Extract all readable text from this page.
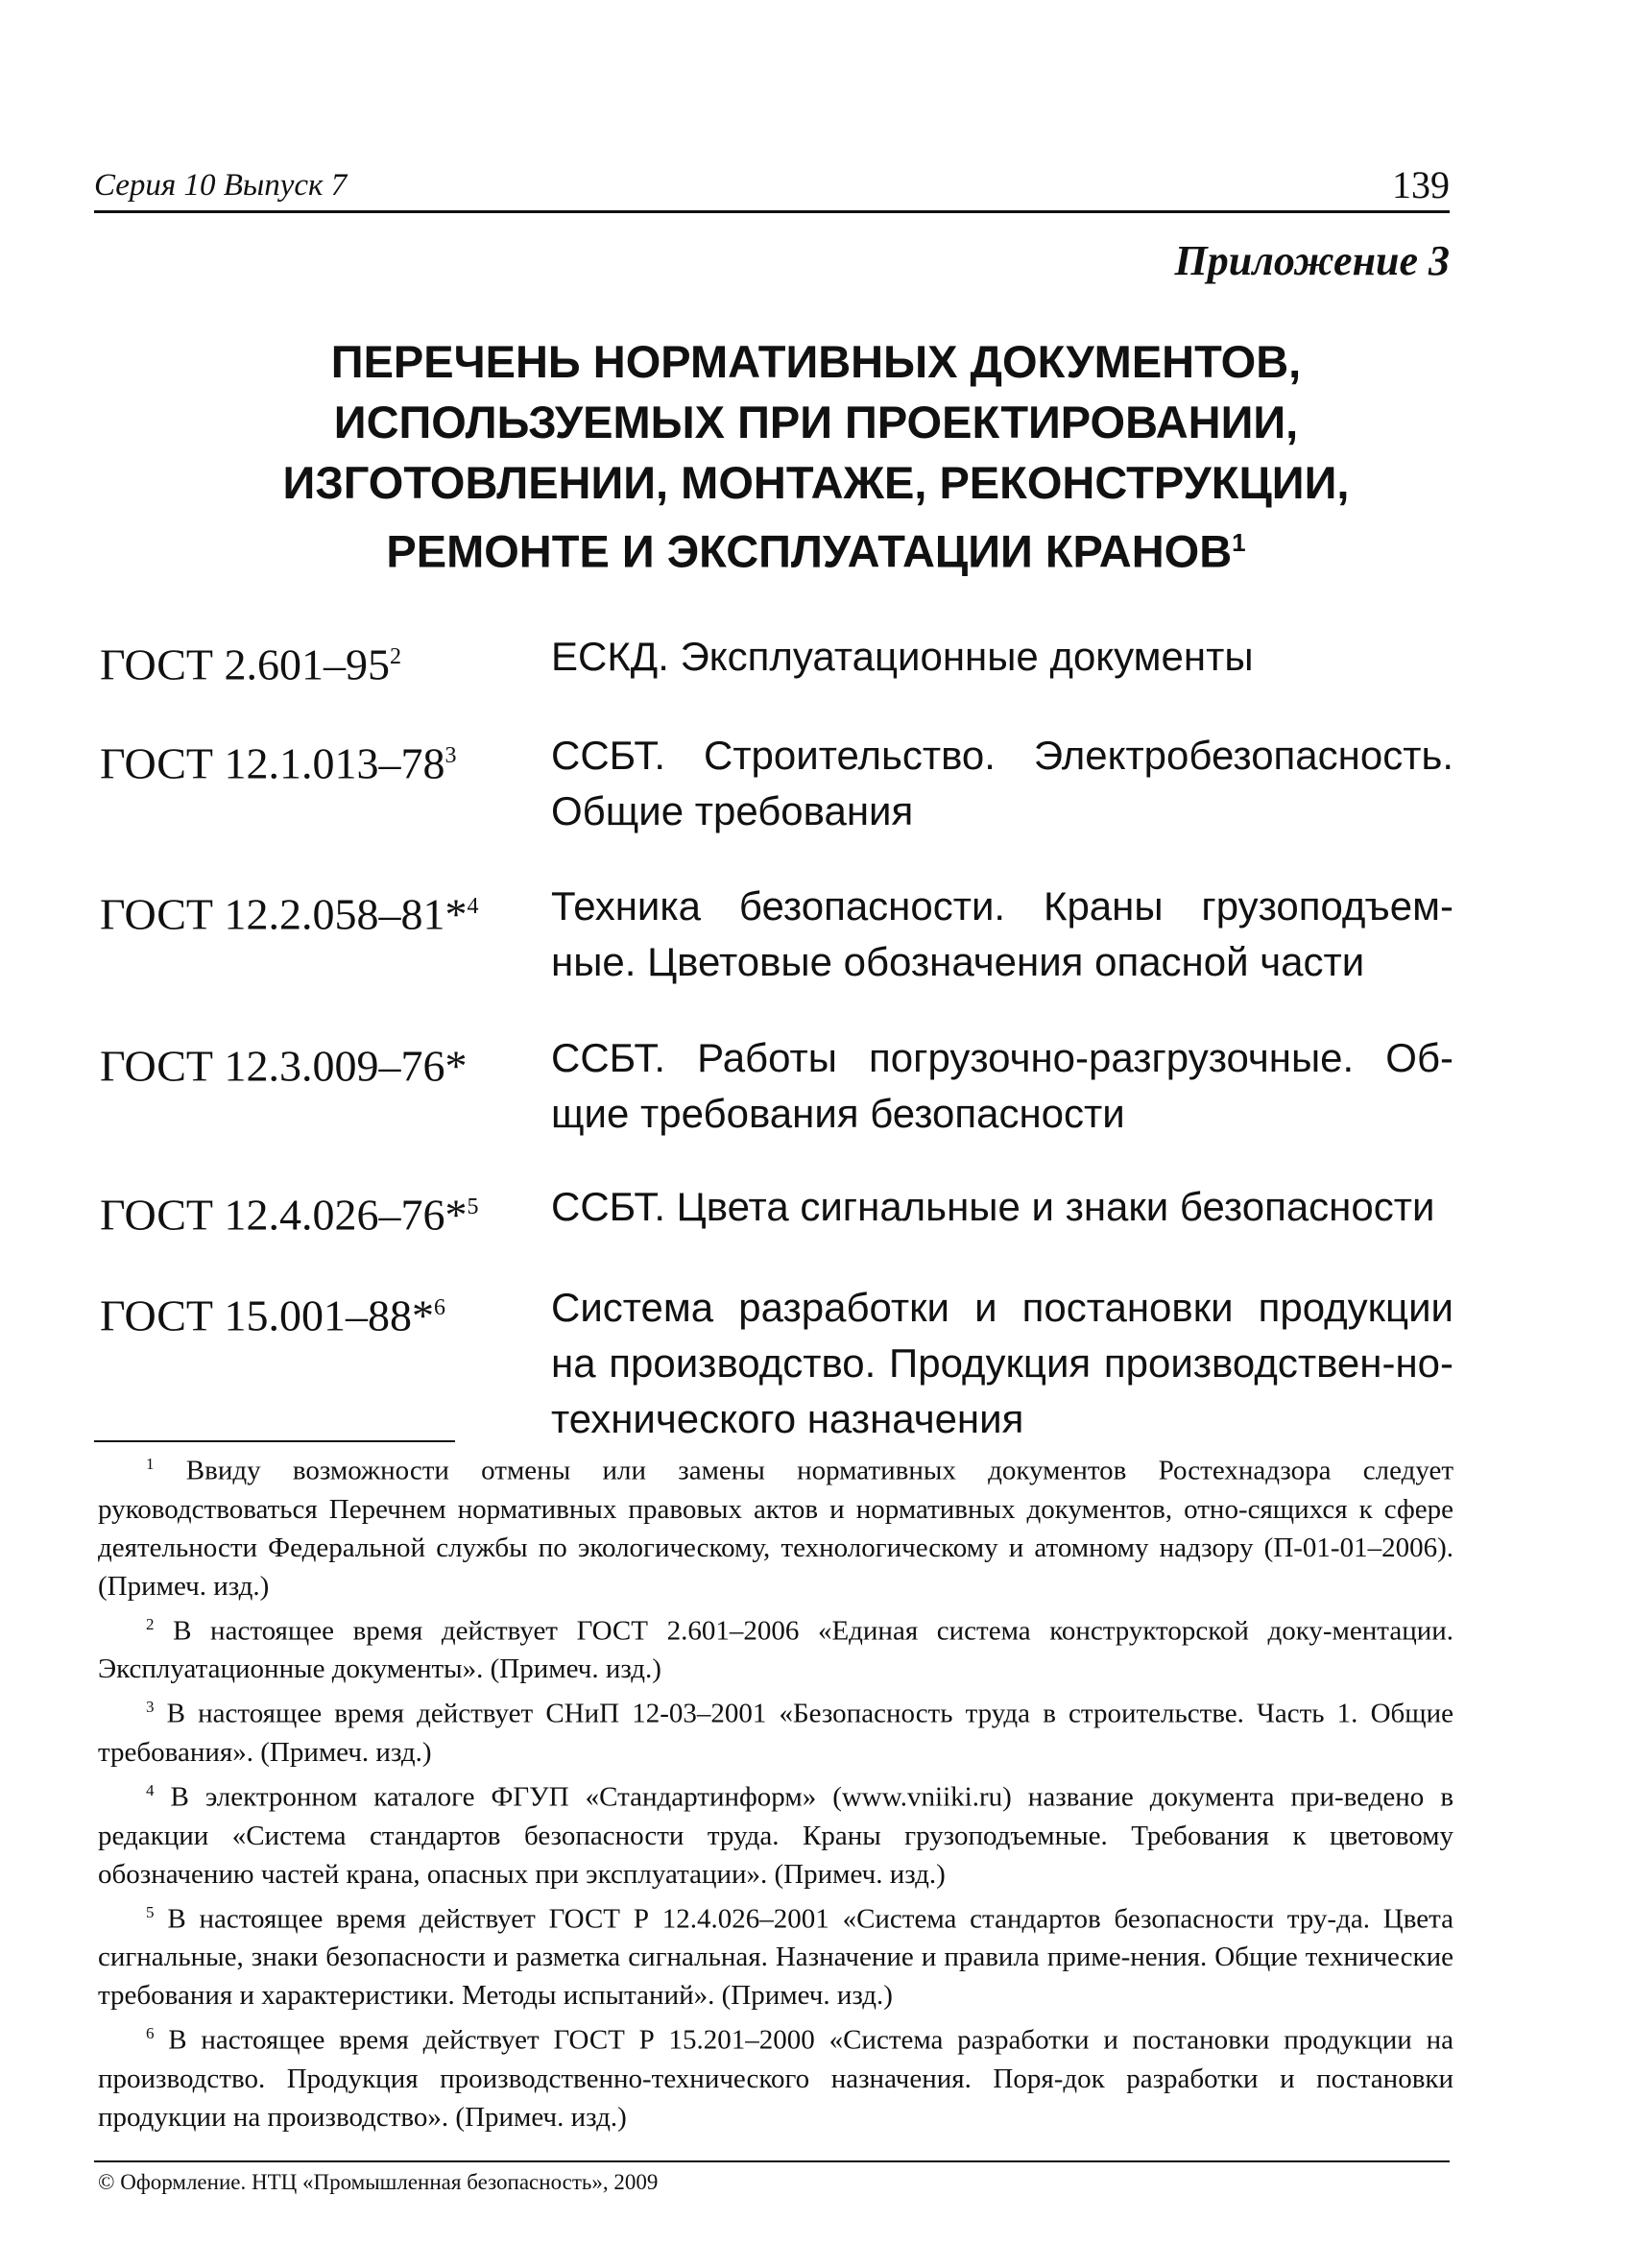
Серия 10 Выпуск 7	139
Приложение 3
ПЕРЕЧЕНЬ НОРМАТИВНЫХ ДОКУМЕНТОВ,
ИСПОЛЬЗУЕМЫХ ПРИ ПРОЕКТИРОВАНИИ,
ИЗГОТОВЛЕНИИ, МОНТАЖЕ, РЕКОНСТРУКЦИИ,
РЕМОНТЕ И ЭКСПЛУАТАЦИИ КРАНОВ$^1$
ГОСТ $2.601-95^2$	ЕСКД. Эксплуатационные документы
ГОСТ $12.1.013-78^3$ ССБТ. Строительство. Электробезопасность. Общие требования
ГОСТ 12.2.058–81*$^4$ Техника безопасности. Краны грузоподъем-ные. Цветовые обозначения опасной части
ГОСТ 12.3.009–76* ССБТ. Работы погрузочно-разгрузочные. Об-щие требования безопасности
ГОСТ 12.4.026–76*$^5$ ССБТ. Цвета сигнальные и знаки безопасности
ГОСТ 15.001–88*$^6$	Система разработки и постановки продукции на производство. Продукция производствен-но-технического назначения

$^1$ Ввиду возможности отмены или замены нормативных документов Ростехнадзора следует руководствоваться Перечнем нормативных правовых актов и нормативных документов, отно-сящихся к сфере деятельности Федеральной службы по экологическому, технологическому и атомному надзору (П-01-01–2006). (Примеч. изд.)

$^2$ В настоящее время действует ГОСТ 2.601–2006 «Единая система конструкторской доку-ментации. Эксплуатационные документы». (Примеч. изд.)

$^3$ В настоящее время действует СНиП 12-03–2001 «Безопасность труда в строительстве. Часть 1. Общие требования». (Примеч. изд.)

$^4$ В электронном каталоге ФГУП «Стандартинформ» (www.vniiki.ru) название документа при-ведено в редакции «Система стандартов безопасности труда. Краны грузоподъемные. Требования к цветовому обозначению частей крана, опасных при эксплуатации». (Примеч. изд.)

$^5$ В настоящее время действует ГОСТ Р 12.4.026–2001 «Система стандартов безопасности тру-да. Цвета сигнальные, знаки безопасности и разметка сигнальная. Назначение и правила приме-нения. Общие технические требования и характеристики. Методы испытаний». (Примеч. изд.)

$^6$ В настоящее время действует ГОСТ Р 15.201–2000 «Система разработки и постановки продукции на производство. Продукция производственно-технического назначения. Поря-док разработки и постановки продукции на производство». (Примеч. изд.)

© Оформление. НТЦ «Промышленная безопасность», 2009
